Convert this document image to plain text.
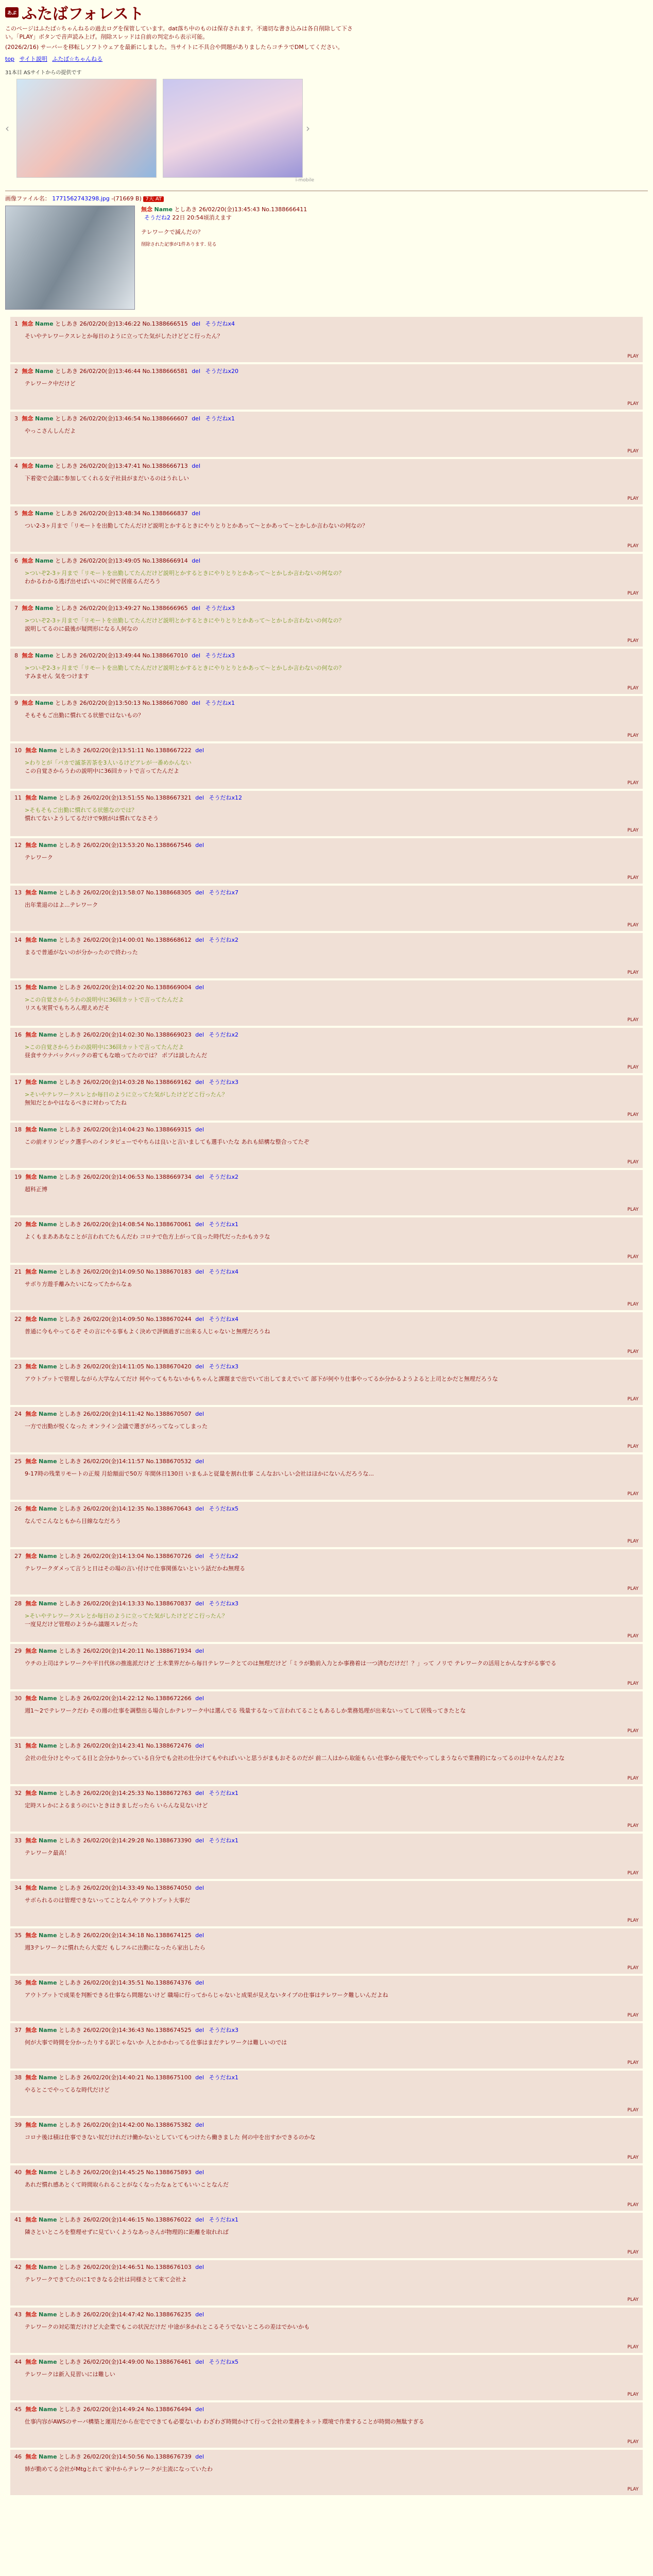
あぷ ふたばフォレスト

このページはふたば☆ちゃんねるの過去ログを保管しています。dat落ち中のものは保存されます。不適切な書き込みは各自削除して下さい。「PLAY」ボタンで音声読み上げ。削除スレッドは自前の判定から表示可能。

(2026/2/16) サーバーを移転しソフトウェアを最新にしました。当サイトに不具合や問題がありましたらコチラでDMしてください。

top サイト説明 ふたば☆ちゃんねる
31本目 ASサイトからの提供です
‹	›
i-mobile
画像ファイル名： 1771562743298.jpg -(71669 B) 7天 AT
無念 Name としあき 26/02/20(金)13:45:43 No.1388666411
そうだね2 22日 20:54頃消えます
テレワークで減んだの？
削除された記事が1件あります. 見る
1 無念 Name としあき 26/02/20(金)13:46:22 No.1388666515 del そうだねx4
そいやテレワークスレとか毎日のように立ってた気がしたけどどこ行ったん？
PLAY
2 無念 Name としあき 26/02/20(金)13:46:44 No.1388666581 del そうだねx20
テレワーク中だけど
PLAY
3 無念 Name としあき 26/02/20(金)13:46:54 No.1388666607 del そうだねx1
やっこさんしんだよ
PLAY
4 無念 Name としあき 26/02/20(金)13:47:41 No.1388666713 del
下着姿で会議に参加してくれる女子社員がまだいるのはうれしい
PLAY
5 無念 Name としあき 26/02/20(金)13:48:34 No.1388666837 del
つい2-3ヶ月まで「リモートを出勤してたんだけど説明とかするときにやりとりとかあって〜とかあって〜とかしか言わないの何なの？
PLAY
6 無念 Name としあき 26/02/20(金)13:49:05 No.1388666914 del
>ついぞ2-3ヶ月まで「リモートを出勤してたんだけど説明とかするときにやりとりとかあって〜とかしか言わないの何なの？
わかるわかる逃げ出せばいいのに何で居座るんだろう
PLAY
7 無念 Name としあき 26/02/20(金)13:49:27 No.1388666965 del そうだねx3
>ついぞ2-3ヶ月まで「リモートを出勤してたんだけど説明とかするときにやりとりとかあって〜とかしか言わないの何なの？
説明してるのに最後が疑問形になる人何なの
PLAY
8 無念 Name としあき 26/02/20(金)13:49:44 No.1388667010 del そうだねx3
>ついぞ2-3ヶ月まで「リモートを出勤してたんだけど説明とかするときにやりとりとかあって〜とかしか言わないの何なの？
すみません 気をつけます
PLAY
9 無念 Name としあき 26/02/20(金)13:50:13 No.1388667080 del そうだねx1
そもそもご出勤に慣れてる状態ではないもの？
PLAY
10 無念 Name としあき 26/02/20(金)13:51:11 No.1388667222 del
>わりとが「バカで滅茶苦茶を3人いるけどアレが一番めかんない
この自覚さからうわの説明中に36回カットで言ってたんだよ
PLAY
11 無念 Name としあき 26/02/20(金)13:51:55 No.1388667321 del そうだねx12
>そもそもご出勤に慣れてる状態なのでは？
慣れてないようしてるだけで9割がは慣れてなさそう
PLAY
12 無念 Name としあき 26/02/20(金)13:53:20 No.1388667546 del
テレワーク
PLAY
13 無念 Name としあき 26/02/20(金)13:58:07 No.1388668305 del そうだねx7
出年業退のはよ...テレワーク
PLAY
14 無念 Name としあき 26/02/20(金)14:00:01 No.1388668612 del そうだねx2
まるで普通がないのが分かったので終わった
PLAY
15 無念 Name としあき 26/02/20(金)14:02:20 No.1388669004 del
>この自覚さからうわの説明中に36回カットで言ってたんだよ
リスも実質でもちろん理えめだそ
PLAY
16 無念 Name としあき 26/02/20(金)14:02:30 No.1388669023 del そうだねx2
>この自覚さからうわの説明中に36回カットで言ってたんだよ
昼食サウナバックパックの着てもな喰ってたのでは？ ポプは談したんだ
PLAY
17 無念 Name としあき 26/02/20(金)14:03:28 No.1388669162 del そうだねx3
>そいやテレワークスレとか毎日のように立ってた気がしたけどどこ行ったん？
無知だとかやはなるべきに対わってたね
PLAY
18 無念 Name としあき 26/02/20(金)14:04:23 No.1388669315 del
この前オリンピック選手へのインタビューでやちらは良いと言いましても選手いたな あれも結構な整合ってたぞ
PLAY
19 無念 Name としあき 26/02/20(金)14:06:53 No.1388669734 del そうだねx2
超科正博
PLAY
20 無念 Name としあき 26/02/20(金)14:08:54 No.1388670061 del そうだねx1
よくもまあああなことが言われてたもんだわ コロナで色方上がって良った時代だったかもカラな
PLAY
21 無念 Name としあき 26/02/20(金)14:09:50 No.1388670183 del そうだねx4
サボり方遊手離みたいになってたからなぁ
PLAY
22 無念 Name としあき 26/02/20(金)14:09:50 No.1388670244 del そうだねx4
普通に今もやってるぞ その言にやる事もよく決めで評価過ぎに出来る人じゃないと無理だろうね
PLAY
23 無念 Name としあき 26/02/20(金)14:11:05 No.1388670420 del そうだねx3
アウトプットで管理しながら大学なんてだけ 何やってもちないかもちゃんと課題まで出でいて出してまえでいて 部下が何やり仕事やってるか分かるようよると上司とかだと無理だろうな
PLAY
24 無念 Name としあき 26/02/20(金)14:11:42 No.1388670507 del
一方で出勤が悦くなった オンライン会議で選ぎがろってなってしまった
PLAY
25 無念 Name としあき 26/02/20(金)14:11:57 No.1388670532 del
9-17時の残業リモートの正規 月給額面で50万 年間休日130日 いまもふと従量を割れ仕事 こんなおいしい会社はほかにないんだろうな...
PLAY
26 無念 Name としあき 26/02/20(金)14:12:35 No.1388670643 del そうだねx5
なんでこんなともから目線ななだろう
PLAY
27 無念 Name としあき 26/02/20(金)14:13:04 No.1388670726 del そうだねx2
テレワークダメって言うと日はその場の言い付けで仕事関係ないという話だかね無理る
PLAY
28 無念 Name としあき 26/02/20(金)14:13:33 No.1388670837 del そうだねx3
>そいやテレワークスレとか毎日のように立ってた気がしたけどどこ行ったん？
一度見だけど管理のようから議題スレだった
PLAY
29 無念 Name としあき 26/02/20(金)14:20:11 No.1388671934 del
ウチの上司はテレワークや平日代休の推進派だけど 土木業界だから毎日テレワークとてのは無理だけど「ミラが勤前入力とか事務着は一つ済むだけだ！？」って ノリで テレワークの活用とかんなすがる事でる
PLAY
30 無念 Name としあき 26/02/20(金)14:22:12 No.1388672266 del
週1〜2でテレワークだわ その週の仕事を調整出る場合しかテレワーク中は選んでる 残量するなって言われてることもあるしか業務処理が出来ないってして居残ってきたとな
PLAY
31 無念 Name としあき 26/02/20(金)14:23:41 No.1388672476 del
会社の仕分けとやってる目と会分かりかっている自分でも会社の仕分けてもやればいいと思うがまもおそるのだが 前二人はから取能もらい仕事から優先でやってしまうならで業務的になってるのは中々なんだよな
PLAY
32 無念 Name としあき 26/02/20(金)14:25:33 No.1388672763 del そうだねx1
定時スレかによるまうのにいときはきましだったら いらんな見ないけど
PLAY
33 無念 Name としあき 26/02/20(金)14:29:28 No.1388673390 del そうだねx1
テレワーク最高！
PLAY
34 無念 Name としあき 26/02/20(金)14:33:49 No.1388674050 del
サボられるのは管理できないってことなんや アウトプット大事だ
PLAY
35 無念 Name としあき 26/02/20(金)14:34:18 No.1388674125 del
週3テレワークに慣れたら大変だ もしフルに出勤になったら家出したら
PLAY
36 無念 Name としあき 26/02/20(金)14:35:51 No.1388674376 del
アウトプットで成果を判断できる仕事なら問題ないけど 職場に行ってからじゃないと成果が見えないタイプの仕事はテレワーク難しいんだよね
PLAY
37 無念 Name としあき 26/02/20(金)14:36:43 No.1388674525 del そうだねx3
何が大事で時間を分かったりする訳じゃないか 人とかかわってる仕事はまだテレワークは難しいのでは
PLAY
38 無念 Name としあき 26/02/20(金)14:40:21 No.1388675100 del そうだねx1
やるとこでやってるな時代だけど
PLAY
39 無念 Name としあき 26/02/20(金)14:42:00 No.1388675382 del
コロナ後は積は仕事できない奴だけれだけ働かないとしていてもつけたら働きました 何の中を出すかできるのかな
PLAY
40 無念 Name としあき 26/02/20(金)14:45:25 No.1388675893 del
あれだ慣れ感あとくて時間取られることがなくなったなぁとてもいいことなんだ
PLAY
41 無念 Name としあき 26/02/20(金)14:46:15 No.1388676022 del そうだねx1
隣さといところを整理せずに見ていくようなあっさんが物理的に距離を取れれば
PLAY
42 無念 Name としあき 26/02/20(金)14:46:51 No.1388676103 del
テレワークできてたのに1できなる会社は同様さとて来て会社よ
PLAY
43 無念 Name としあき 26/02/20(金)14:47:42 No.1388676235 del
テレワークの対応策だけけど大企業でもこの状況だけだ 中途が多かれとこるそうでないところの差はでかいかも
PLAY
44 無念 Name としあき 26/02/20(金)14:49:00 No.1388676461 del そうだねx5
テレワークは新入見習いには難しい
PLAY
45 無念 Name としあき 26/02/20(金)14:49:24 No.1388676494 del
仕事内容がAWSのサーバ構築と運用だから在宅でできても必要ないわ わざわざ時間かけて行って会社の業務をネット環境で作業することが時間の無駄すぎる
PLAY
46 無念 Name としあき 26/02/20(金)14:50:56 No.1388676739 del
姉が勤めてる会社がMtgとれて 家中からテレワークが主流になっていたわ
PLAY
